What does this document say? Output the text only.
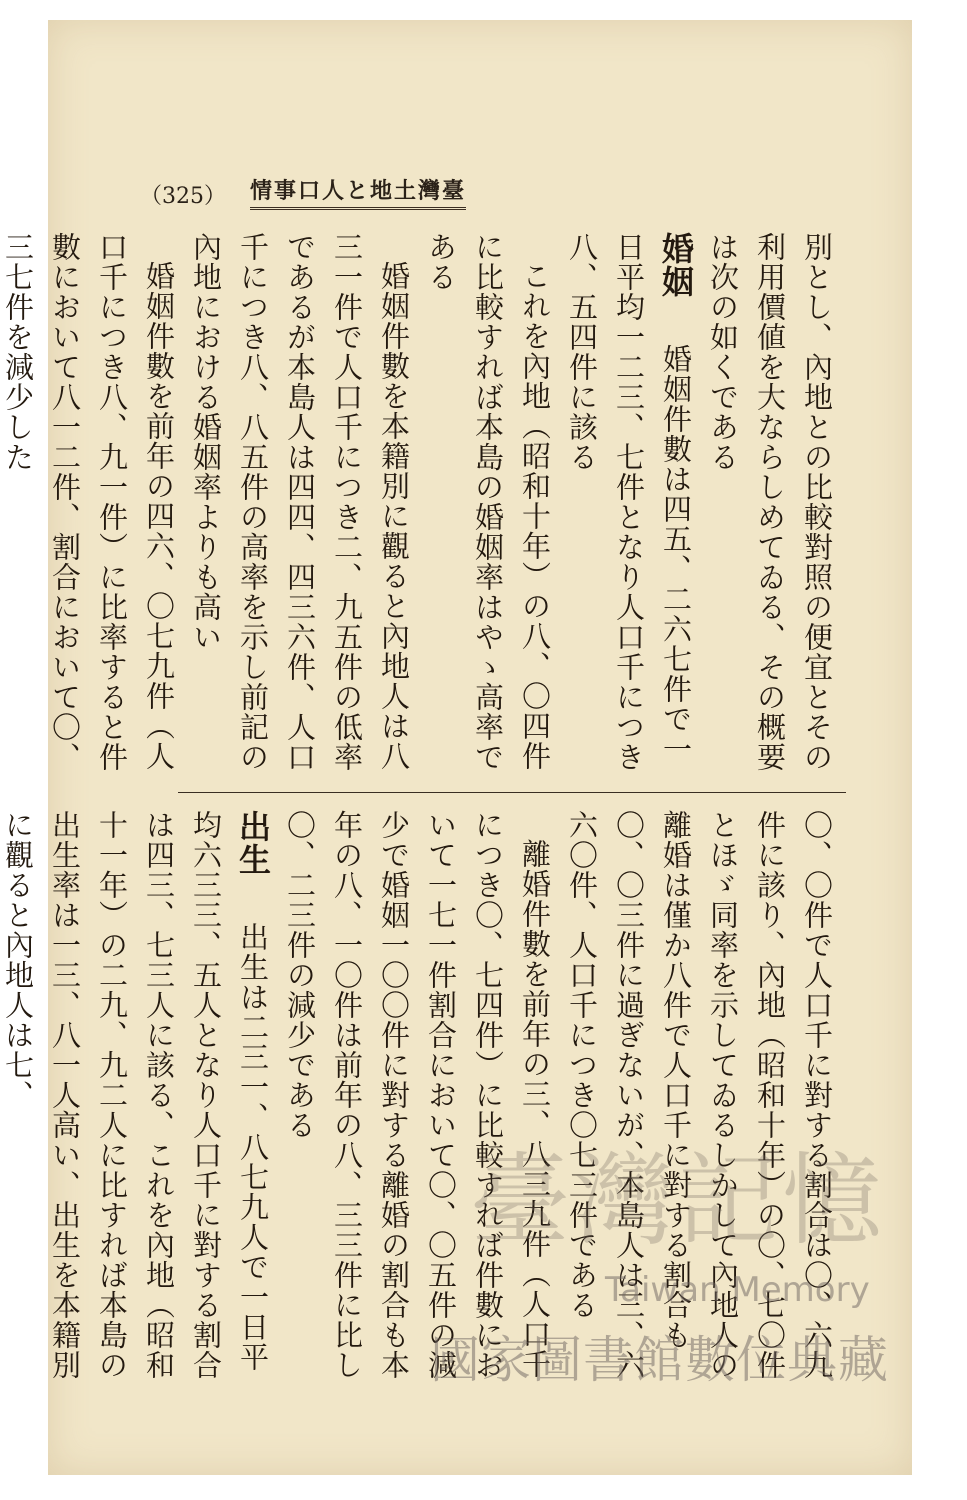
（325） 情事口人と地土灣臺

別とし、內地との比較對照の便宜とその利用價値を大ならしめてゐる、その概要は次の如くである

婚姻　婚姻件數は四五、二六七件で一日平均一二三、七件となり人口千につき八、五四件に該る

これを內地（昭和十年）の八、〇四件に比較すれば本島の婚姻率はやゝ高率である

婚姻件數を本籍別に觀ると內地人は八三一件で人口千につき二、九五件の低率であるが本島人は四四、四三六件、人口千につき八、八五件の高率を示し前記の內地における婚姻率よりも高い

婚姻件數を前年の四六、〇七九件（人口千につき八、九一件）に比率すると件數において八一二件、割合において〇、三七件を減少した

〇、〇件で人口千に對する割合は〇、六九件に該り、內地（昭和十年）の〇、七〇件とほゞ同率を示してゐるしかして內地人の離婚は僅か八件で人口千に對する割合も〇、〇三件に過ぎないが、本島人は三、六六〇件、人口千につき〇七三件である

離婚件數を前年の三、八三九件（人口千につき〇、七四件）に比較すれば件數において一七一件割合において〇、〇五件の減少で婚姻一〇〇件に對する離婚の割合も本年の八、一〇件は前年の八、三三件に比し〇、二三件の減少である

出生　出生は二三一、八七九人で一日平均六三三、五人となり人口千に對する割合は四三、七三人に該る、これを內地（昭和十一年）の二九、九二人に比すれば本島の出生率は一三、八一人高い、出生を本籍別に觀ると內地人は七、

臺灣記憶
Taiwan Memory
國家圖書館數位典藏
